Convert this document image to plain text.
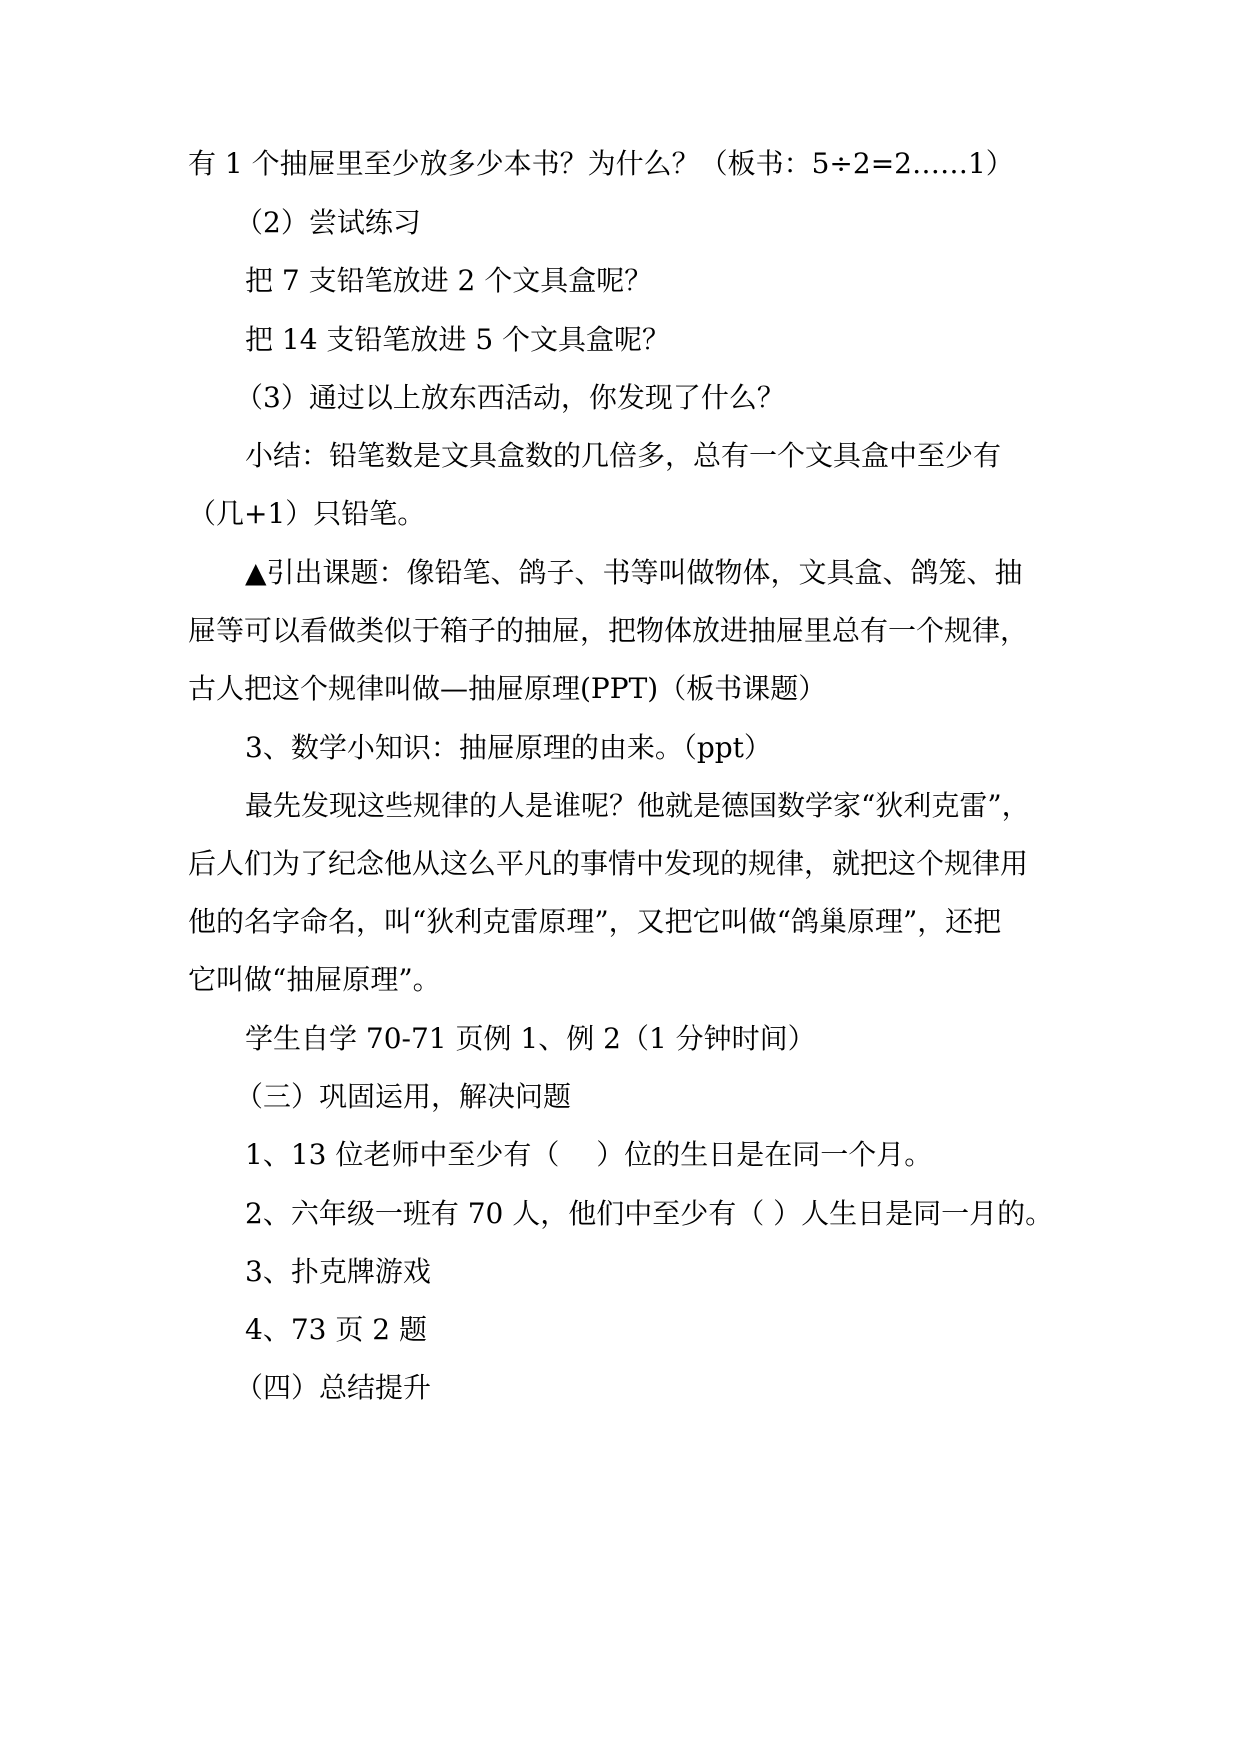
有 1 个抽屉里至少放多少本书？为什么？（板书：5÷2=2……1）
（2）尝试练习
把 7 支铅笔放进 2 个文具盒呢？
把 14 支铅笔放进 5 个文具盒呢？
（3）通过以上放东西活动，你发现了什么？
小结：铅笔数是文具盒数的几倍多，总有一个文具盒中至少有
（几+1）只铅笔。
▲引出课题：像铅笔、鸽子、书等叫做物体，文具盒、鸽笼、抽
屉等可以看做类似于箱子的抽屉，把物体放进抽屉里总有一个规律，
古人把这个规律叫做—抽屉原理(PPT)（板书课题）
3、数学小知识：抽屉原理的由来。（ppt）
最先发现这些规律的人是谁呢？他就是德国数学家“狄利克雷”，
后人们为了纪念他从这么平凡的事情中发现的规律，就把这个规律用
他的名字命名，叫“狄利克雷原理”，又把它叫做“鸽巢原理”，还把
它叫做“抽屉原理”。
学生自学 70-71 页例 1、例 2（1 分钟时间）
（三）巩固运用，解决问题
1、13 位老师中至少有（　 ）位的生日是在同一个月。
2、六年级一班有 70 人，他们中至少有（ ）人生日是同一月的。
3、扑克牌游戏
4、73 页 2 题
（四）总结提升
